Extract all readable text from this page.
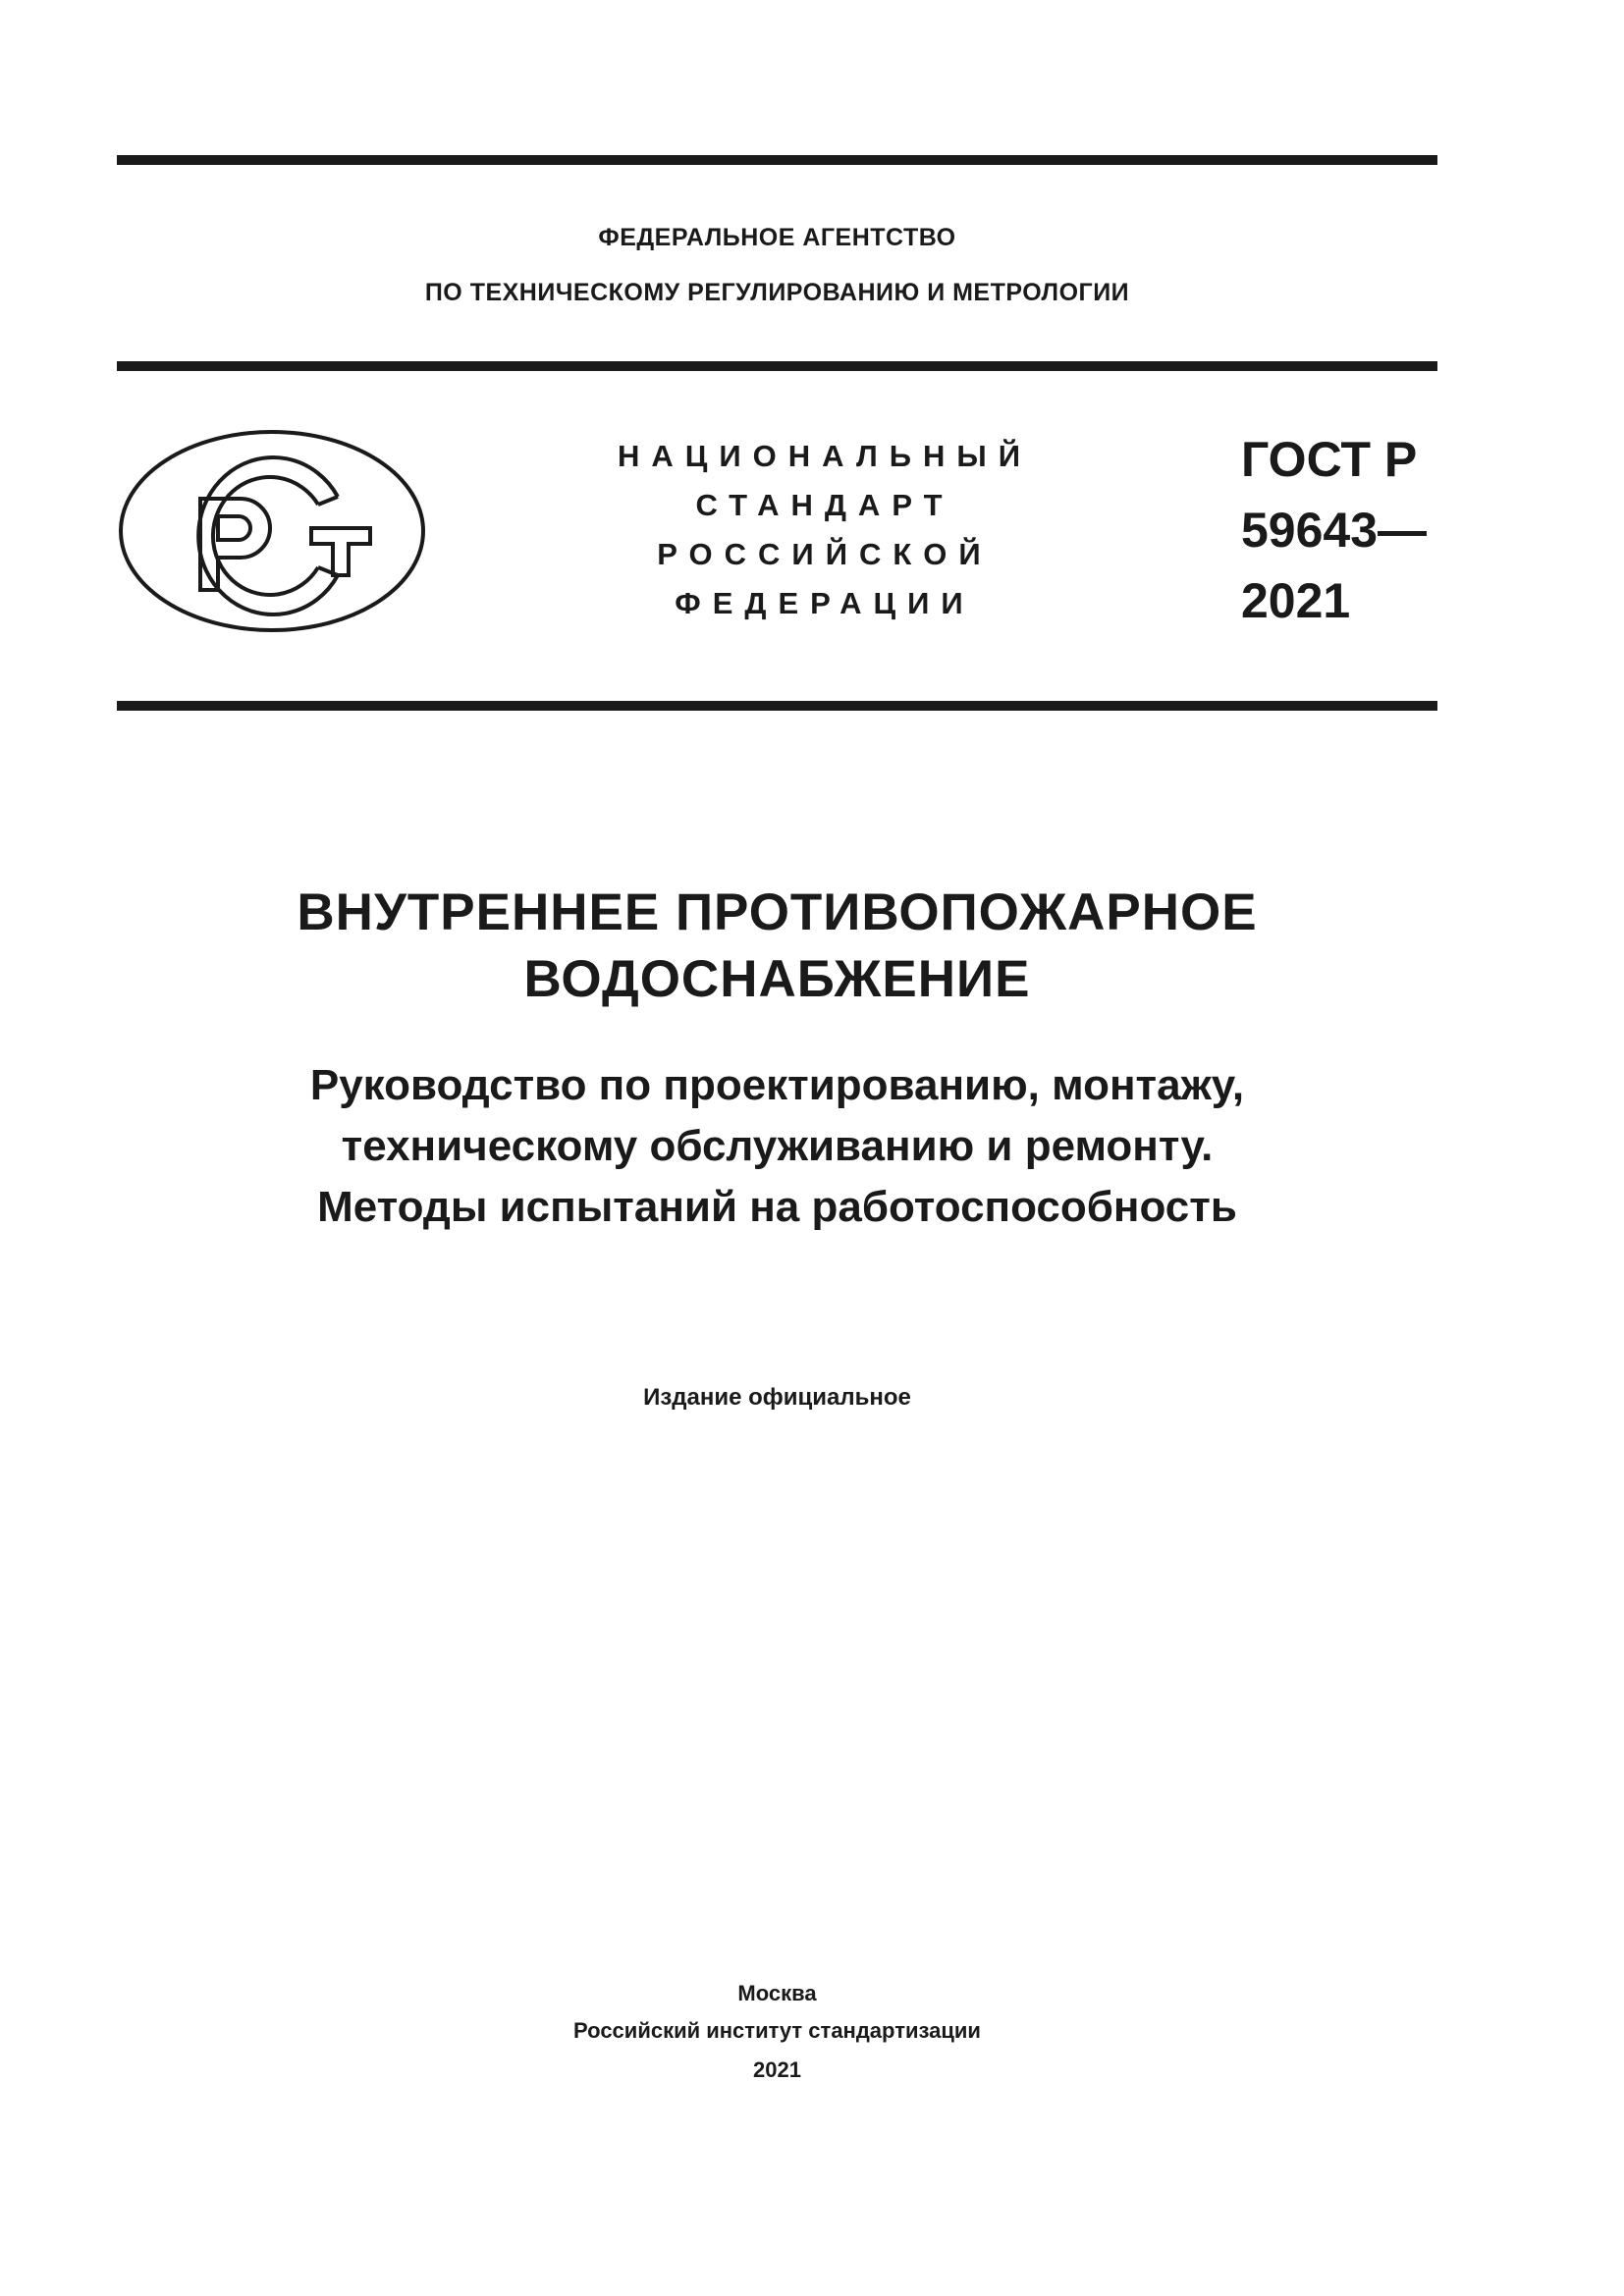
ФЕДЕРАЛЬНОЕ АГЕНТСТВО
ПО ТЕХНИЧЕСКОМУ РЕГУЛИРОВАНИЮ И МЕТРОЛОГИИ
НАЦИОНАЛЬНЫЙ
СТАНДАРТ
РОССИЙСКОЙ
ФЕДЕРАЦИИ
ГОСТ Р
59643—
2021
ВНУТРЕННЕЕ ПРОТИВОПОЖАРНОЕ
ВОДОСНАБЖЕНИЕ
Руководство по проектированию, монтажу,
техническому обслуживанию и ремонту.
Методы испытаний на работоспособность
Издание официальное
Москва
Российский институт стандартизации
2021
